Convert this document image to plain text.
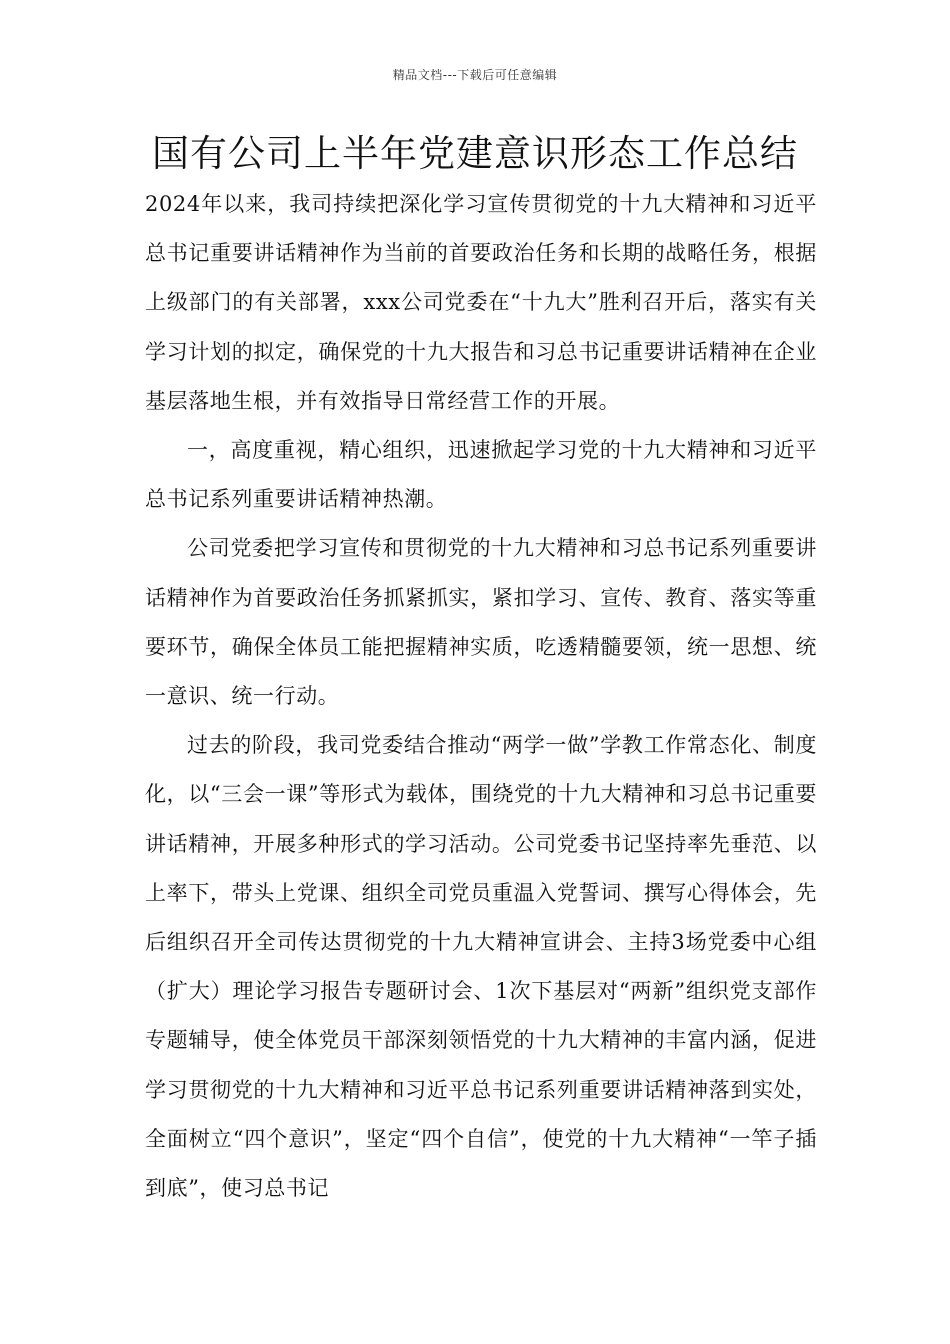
精品文档---下载后可任意编辑
国有公司上半年党建意识形态工作总结

2024年以来，我司持续把深化学习宣传贯彻党的十九大精神和习近平总书记重要讲话精神作为当前的首要政治任务和长期的战略任务，根据上级部门的有关部署，xxx公司党委在“十九大”胜利召开后，落实有关学习计划的拟定，确保党的十九大报告和习总书记重要讲话精神在企业基层落地生根，并有效指导日常经营工作的开展。

一，高度重视，精心组织，迅速掀起学习党的十九大精神和习近平总书记系列重要讲话精神热潮。

公司党委把学习宣传和贯彻党的十九大精神和习总书记系列重要讲话精神作为首要政治任务抓紧抓实，紧扣学习、宣传、教育、落实等重要环节，确保全体员工能把握精神实质，吃透精髓要领，统一思想、统一意识、统一行动。

过去的阶段，我司党委结合推动“两学一做”学教工作常态化、制度化，以“三会一课”等形式为载体，围绕党的十九大精神和习总书记重要讲话精神，开展多种形式的学习活动。公司党委书记坚持率先垂范、以上率下，带头上党课、组织全司党员重温入党誓词、撰写心得体会，先后组织召开全司传达贯彻党的十九大精神宣讲会、主持3场党委中心组（扩大）理论学习报告专题研讨会、1次下基层对“两新”组织党支部作专题辅导，使全体党员干部深刻领悟党的十九大精神的丰富内涵，促进学习贯彻党的十九大精神和习近平总书记系列重要讲话精神落到实处，全面树立“四个意识”，坚定“四个自信”，使党的十九大精神“一竿子插到底”，使习总书记
